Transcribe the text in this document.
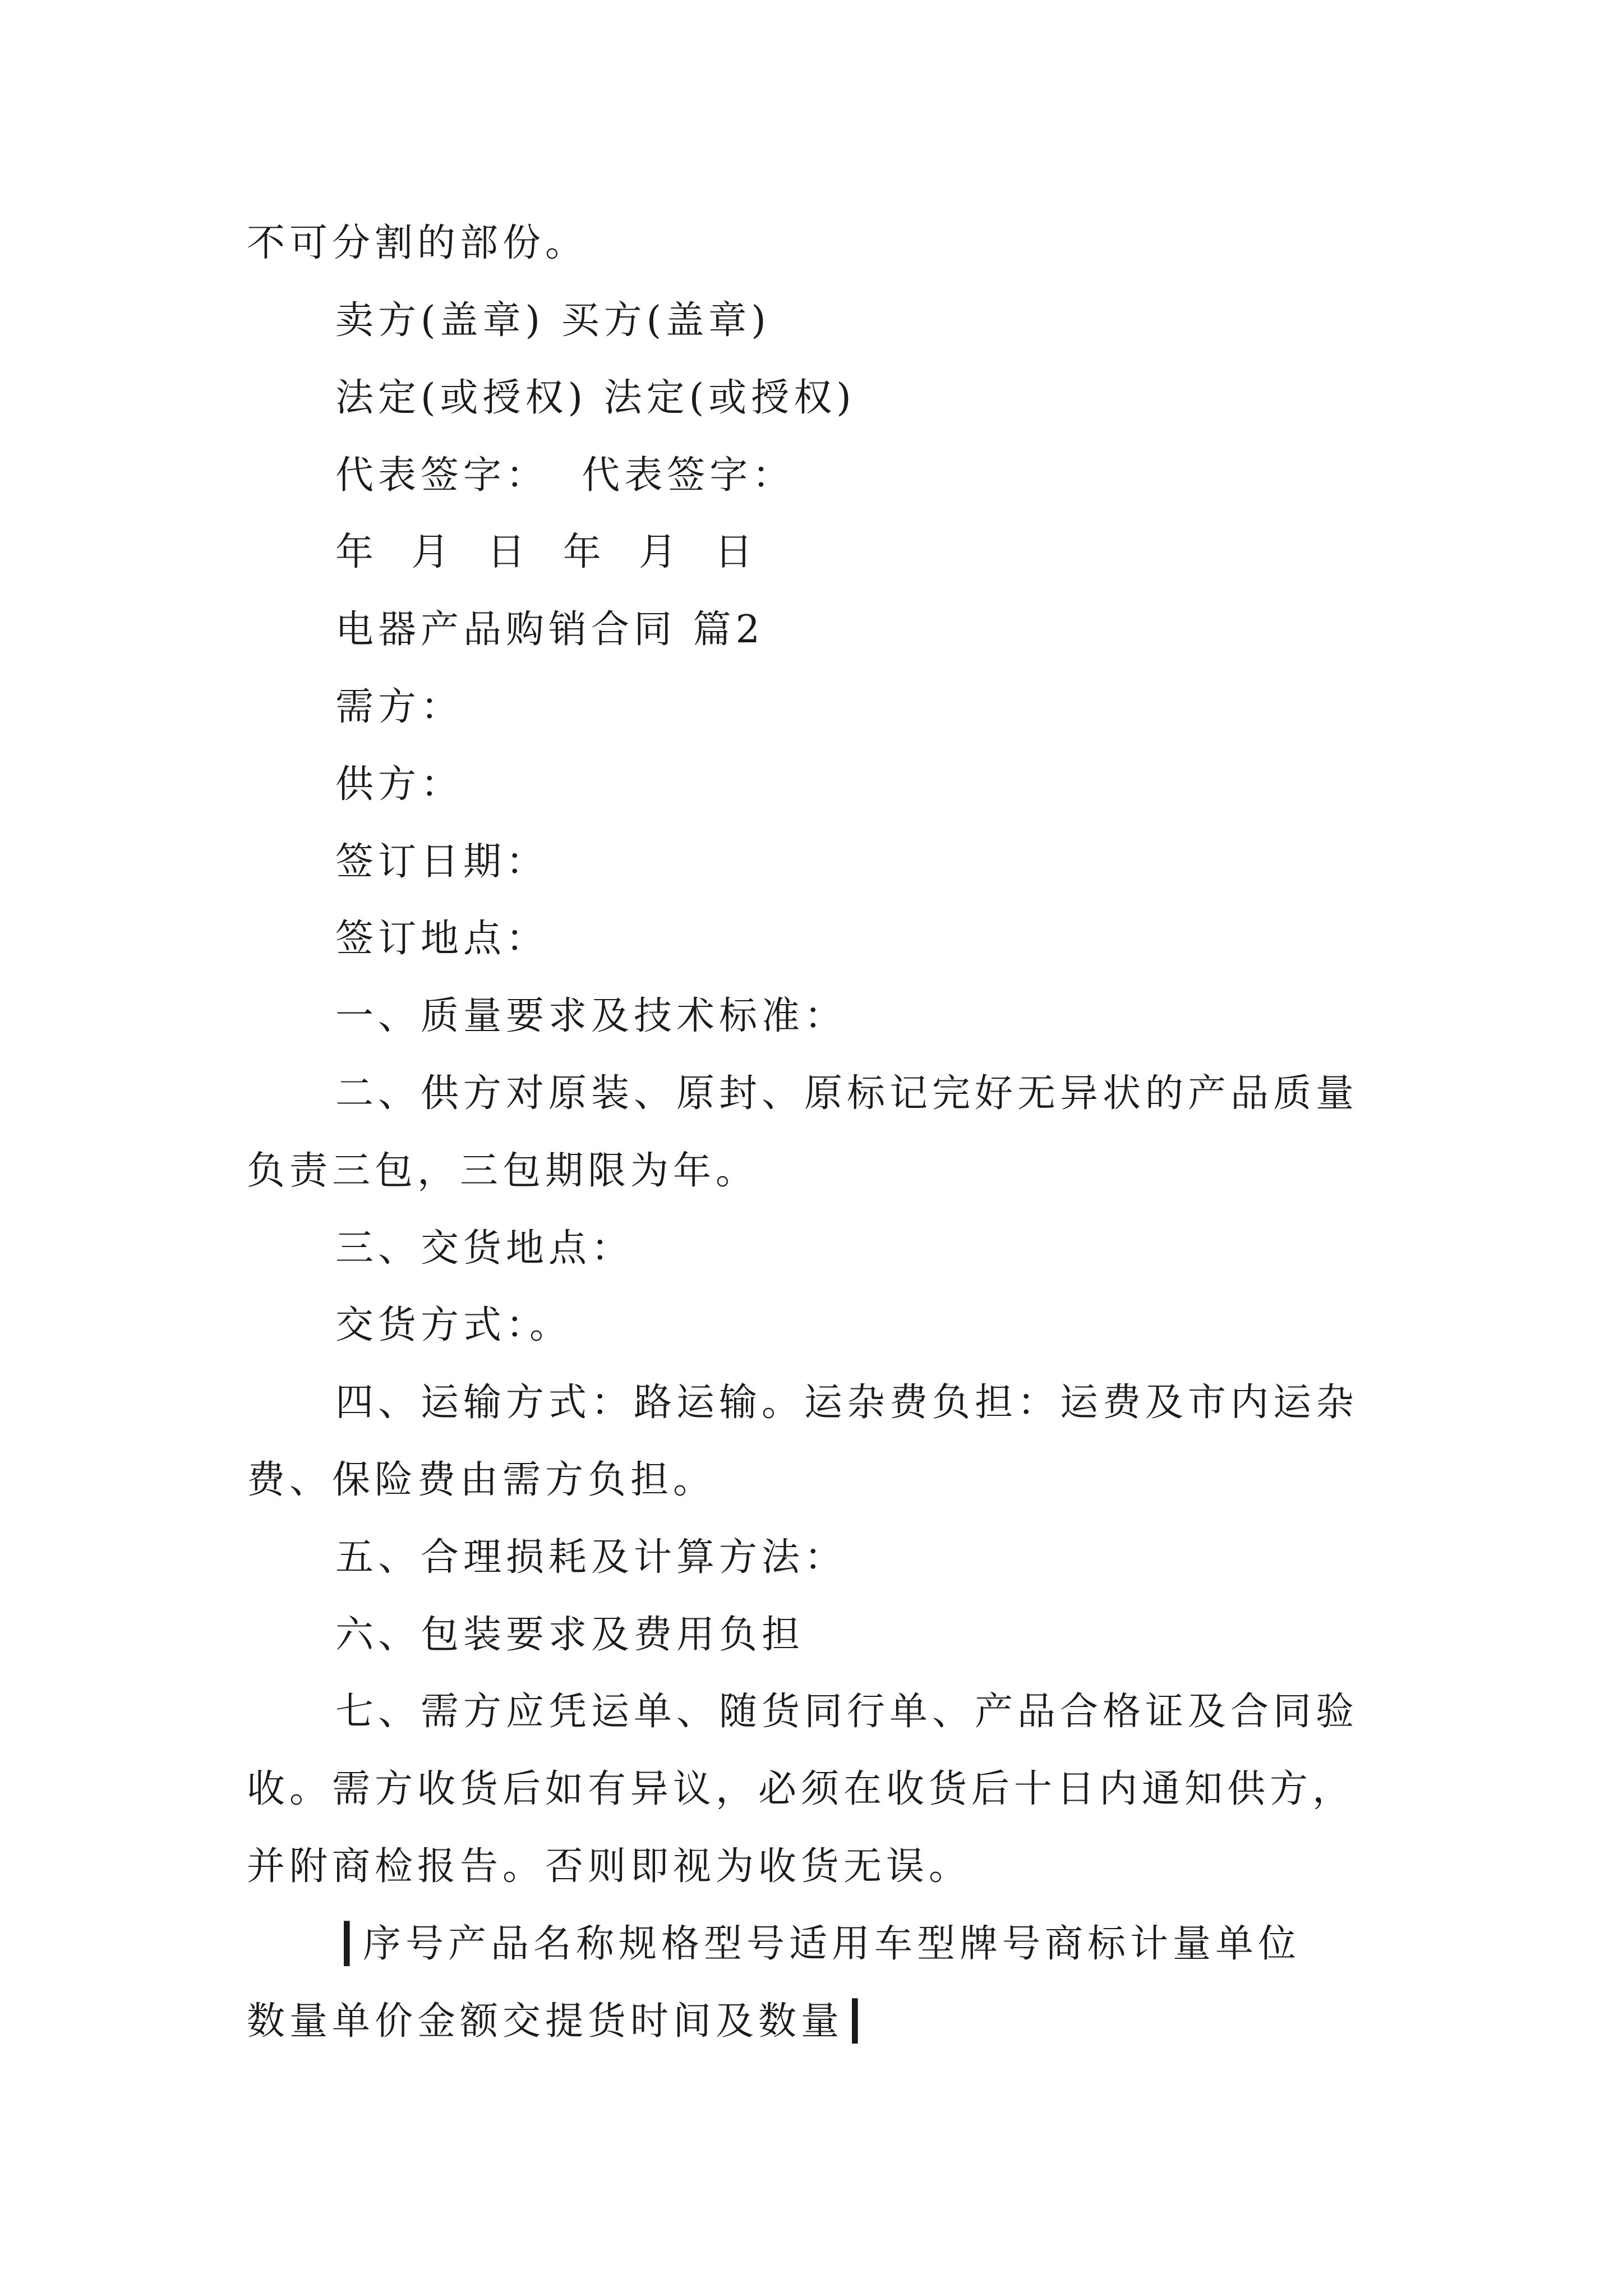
不可分割的部份。
卖方(盖章) 买方(盖章)
法定(或授权) 法定(或授权)
代表签字：  代表签字：
年  月  日  年  月  日
电器产品购销合同 篇2
需方：
供方：
签订日期：
签订地点：
一、质量要求及技术标准：
二、供方对原装、原封、原标记完好无异状的产品质量
负责三包，三包期限为年。
三、交货地点：
交货方式：。
四、运输方式：路运输。运杂费负担：运费及市内运杂
费、保险费由需方负担。
五、合理损耗及计算方法：
六、包装要求及费用负担
七、需方应凭运单、随货同行单、产品合格证及合同验
收。需方收货后如有异议，必须在收货后十日内通知供方，
并附商检报告。否则即视为收货无误。
┃序号产品名称规格型号适用车型牌号商标计量单位
数量单价金额交提货时间及数量┃
